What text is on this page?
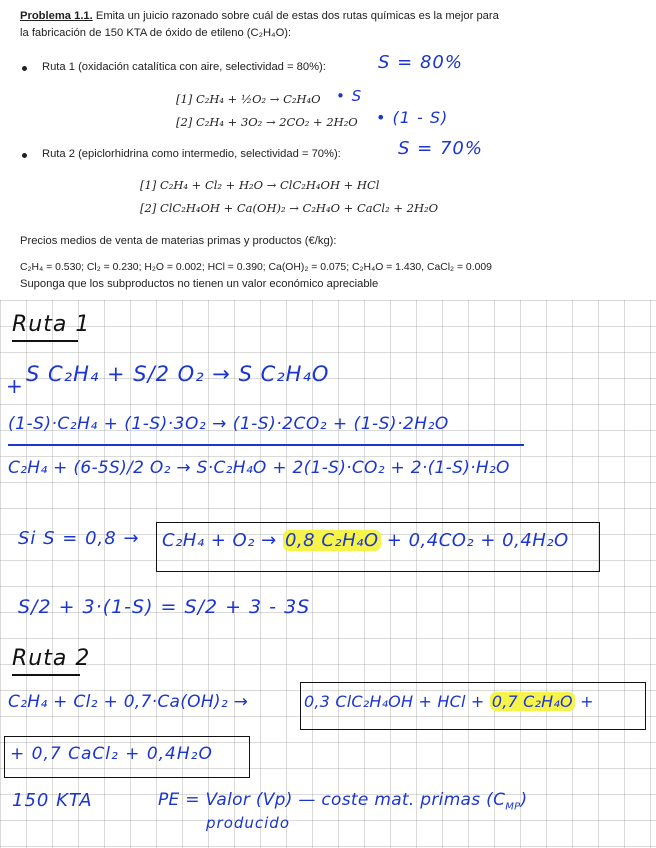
Problema 1.1. Emita un juicio razonado sobre cuál de estas dos rutas químicas es la mejor para
la fabricación de 150 KTA de óxido de etileno (C₂H₄O):
Ruta 1 (oxidación catalítica con aire, selectividad = 80%):	S = 80%
[1] C₂H₄ + ½O₂ → C₂H₄O • S
[2] C₂H₄ + 3O₂ → 2CO₂ + 2H₂O • (1 - S)
Ruta 2 (epiclorhidrina como intermedio, selectividad = 70%):	S = 70%
[1] C₂H₄ + Cl₂ + H₂O → ClC₂H₄OH + HCl
[2] ClC₂H₄OH + Ca(OH)₂ → C₂H₄O + CaCl₂ + 2H₂O
Precios medios de venta de materias primas y productos (€/kg):
C₂H₄ = 0.530; Cl₂ = 0.230; H₂O = 0.002; HCl = 0.390; Ca(OH)₂ = 0.075; C₂H₄O = 1.430, CaCl₂ = 0.009
Suponga que los subproductos no tienen un valor económico apreciable
Ruta 1
+ S C₂H₄ + S/2 O₂ → S C₂H₄O
(1-S)·C₂H₄ + (1-S)·3O₂ → (1-S)·2CO₂ + (1-S)·2H₂O
C₂H₄ + (6-5S)/2 O₂ → S·C₂H₄O + 2(1-S)·CO₂ + 2·(1-S)·H₂O
Si S = 0,8 → C₂H₄ + O₂ → 0,8 C₂H₄O + 0,4CO₂ + 0,4H₂O
S/2 + 3·(1-S) = S/2 + 3 - 3S
Ruta 2
C₂H₄ + Cl₂ + 0,7·Ca(OH)₂ →	0,3 ClC₂H₄OH + HCl + 0,7 C₂H₄O +
+ 0,7 CaCl₂ + 0,4H₂O
150 KTA	PE = Valor (Vp) — coste mat. primas $(C_{MP})$
producido
